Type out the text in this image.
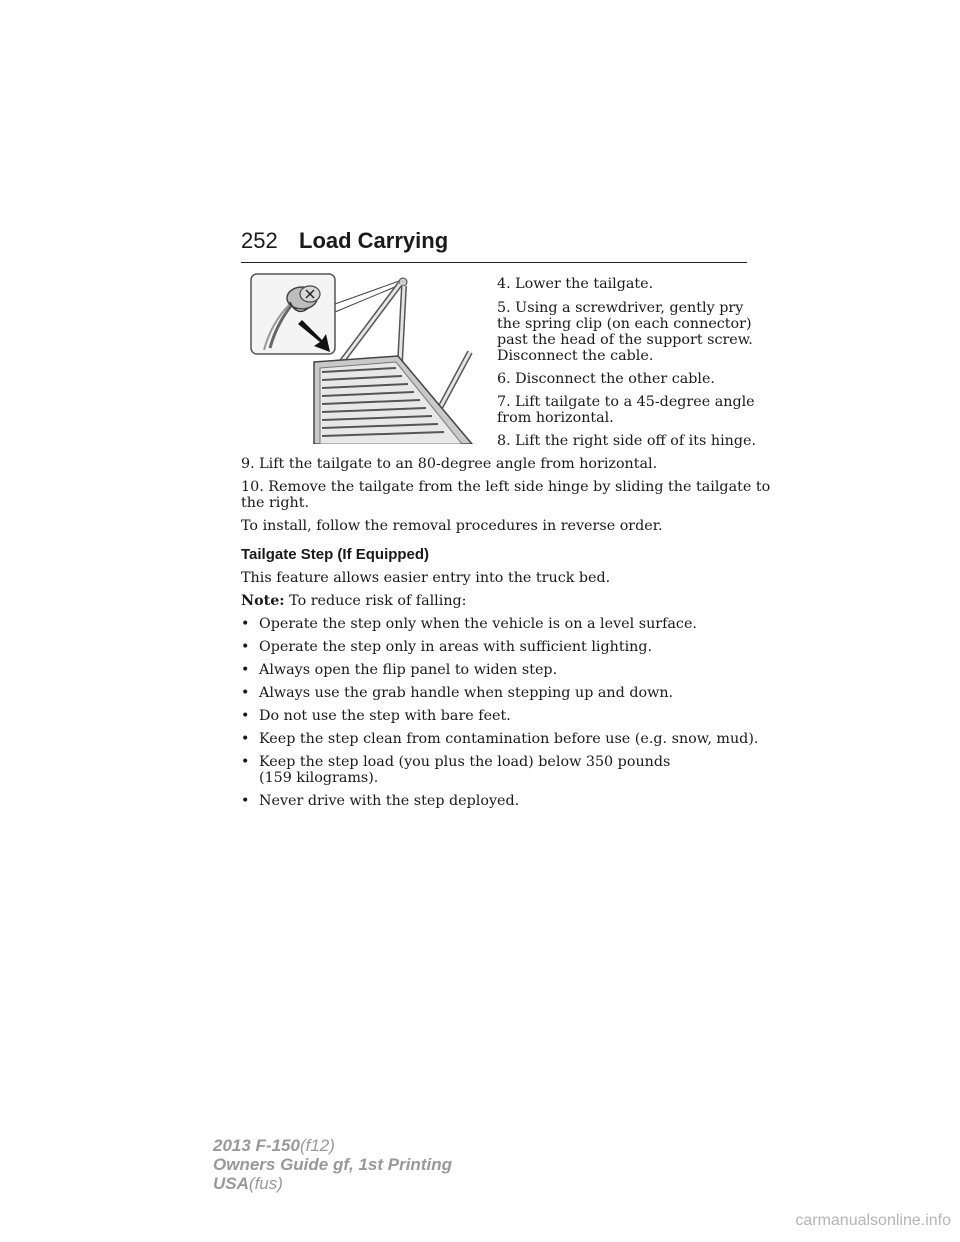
252 Load Carrying

4. Lower the tailgate.

5. Using a screwdriver, gently pry

the spring clip (on each connector)

past the head of the support screw.

Disconnect the cable.

6. Disconnect the other cable.

7. Lift tailgate to a 45-degree angle

from horizontal.

8. Lift the right side off of its hinge.

9. Lift the tailgate to an 80-degree angle from horizontal.

10. Remove the tailgate from the left side hinge by sliding the tailgate to

the right.

To install, follow the removal procedures in reverse order.

Tailgate Step (If Equipped)

This feature allows easier entry into the truck bed.

Note: To reduce risk of falling:

• Operate the step only when the vehicle is on a level surface.
• Operate the step only in areas with sufficient lighting.
• Always open the flip panel to widen step.
• Always use the grab handle when stepping up and down.
• Do not use the step with bare feet.
• Keep the step clean from contamination before use (e.g. snow, mud).
• Keep the step load (you plus the load) below 350 pounds
(159 kilograms).
• Never drive with the step deployed.
2013 F-150(f12)
Owners Guide gf, 1st Printing
USA(fus)
carmanualsonline.info
